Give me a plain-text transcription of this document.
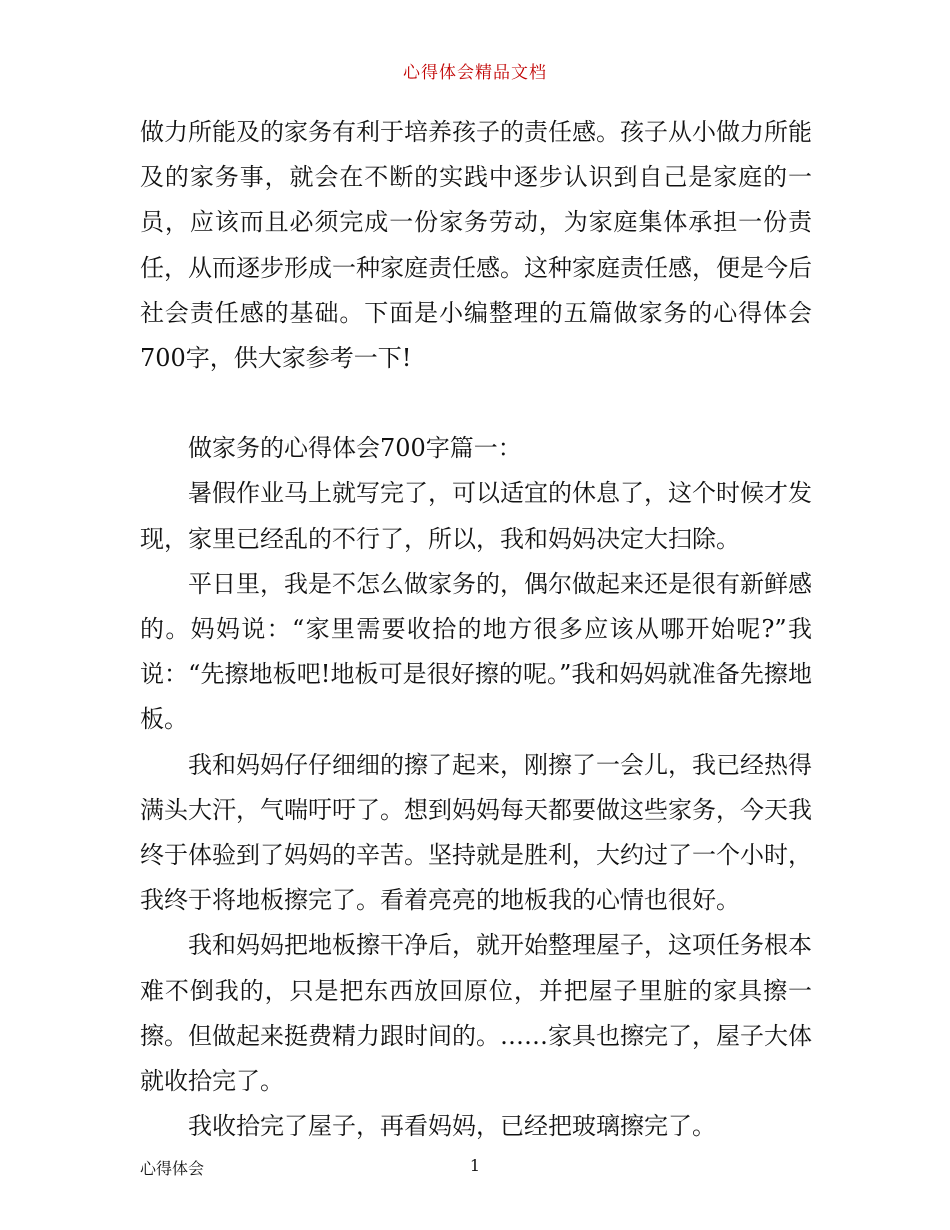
心得体会精品文档

做力所能及的家务有利于培养孩子的责任感。孩子从小做力所能及的家务事，就会在不断的实践中逐步认识到自己是家庭的一员，应该而且必须完成一份家务劳动，为家庭集体承担一份责任，从而逐步形成一种家庭责任感。这种家庭责任感，便是今后社会责任感的基础。下面是小编整理的五篇做家务的心得体会700字，供大家参考一下!

做家务的心得体会700字篇一：

暑假作业马上就写完了，可以适宜的休息了，这个时候才发现，家里已经乱的不行了，所以，我和妈妈决定大扫除。

平日里，我是不怎么做家务的，偶尔做起来还是很有新鲜感的。妈妈说：“家里需要收拾的地方很多应该从哪开始呢?”我说：“先擦地板吧!地板可是很好擦的呢。”我和妈妈就准备先擦地板。

我和妈妈仔仔细细的擦了起来，刚擦了一会儿，我已经热得满头大汗，气喘吁吁了。想到妈妈每天都要做这些家务，今天我终于体验到了妈妈的辛苦。坚持就是胜利，大约过了一个小时，我终于将地板擦完了。看着亮亮的地板我的心情也很好。

我和妈妈把地板擦干净后，就开始整理屋子，这项任务根本难不倒我的，只是把东西放回原位，并把屋子里脏的家具擦一擦。但做起来挺费精力跟时间的。……家具也擦完了，屋子大体就收拾完了。

我收拾完了屋子，再看妈妈，已经把玻璃擦完了。

心得体会	1
